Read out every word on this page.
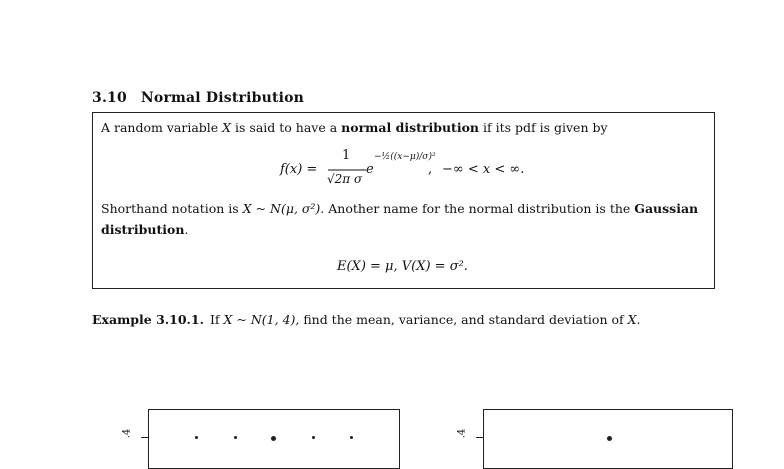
3.10 Normal Distribution
A random variable X is said to have a normal distribution if its pdf is given by
f(x) =
1
√2π σ
e
−½((x−μ)/σ)²
, −∞ < x < ∞.
Shorthand notation is X ~ N(μ, σ²). Another name for the normal distribution is the Gaussian
distribution.
E(X) = μ, V(X) = σ².
Example 3.10.1. If X ~ N(1, 4), find the mean, variance, and standard deviation of X.
.4	.4
